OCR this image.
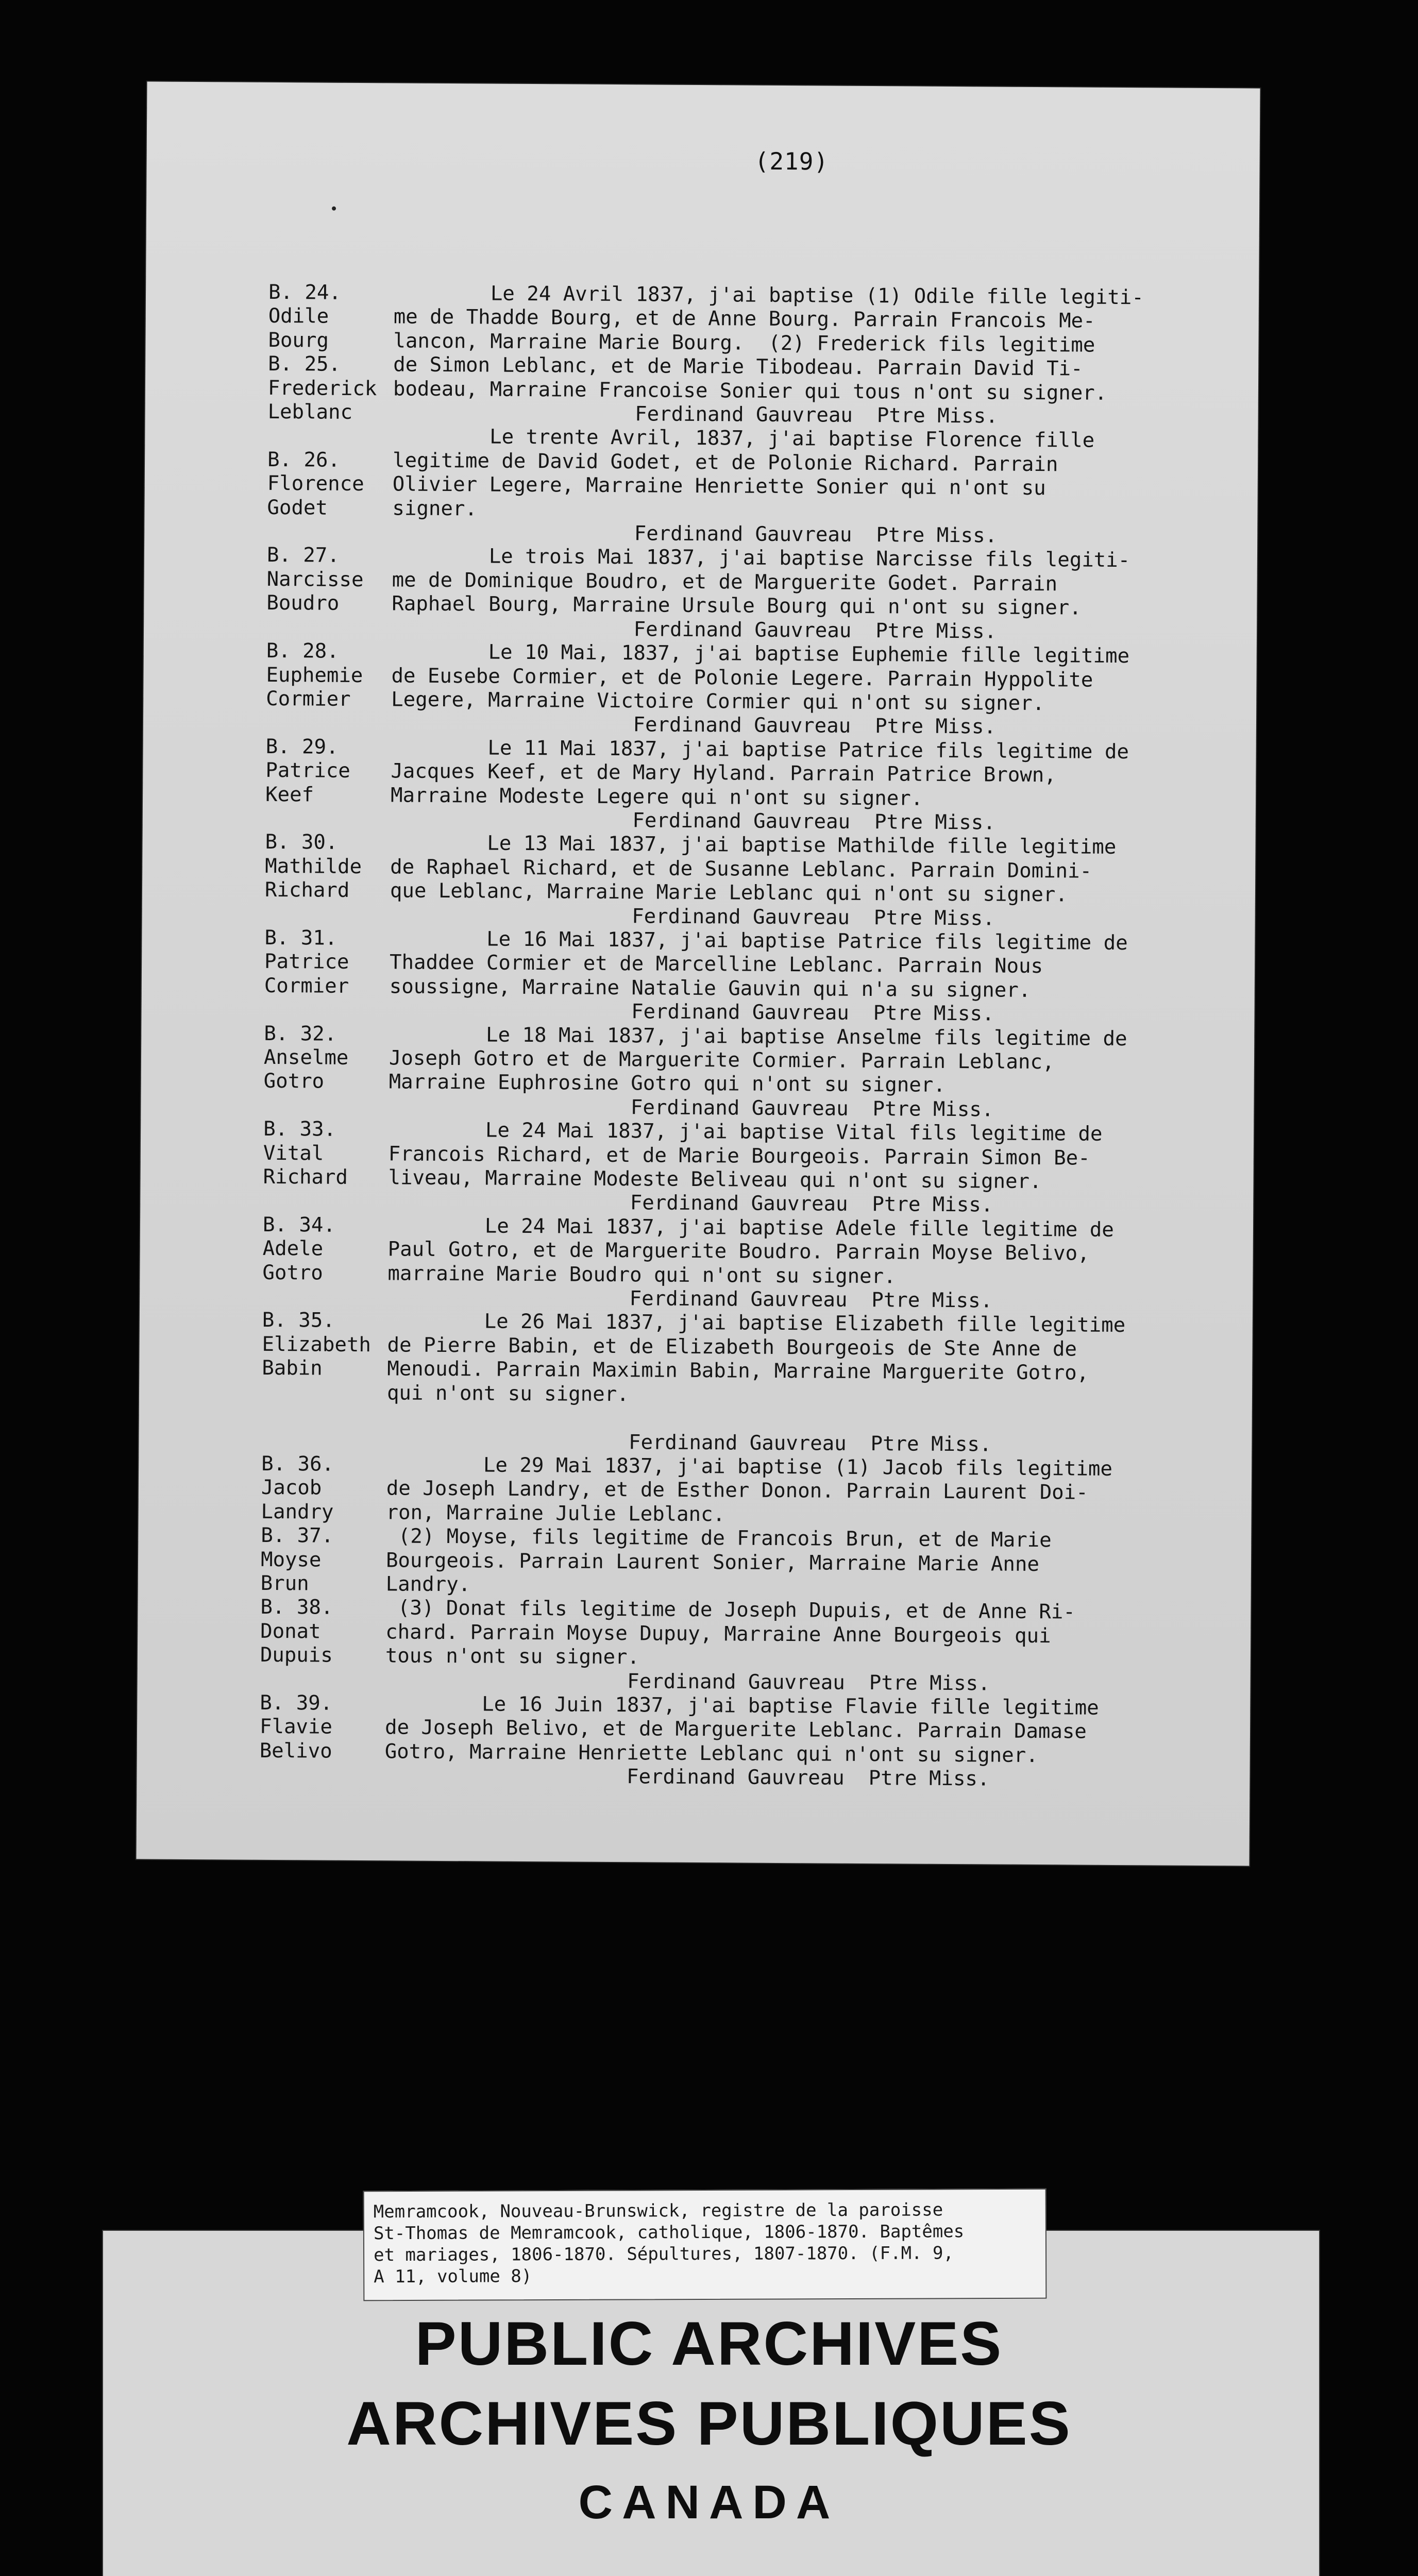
(219)
B. 24.
Odile
Bourg
B. 25.
Frederick
Leblanc
Le 24 Avril 1837, j'ai baptise (1) Odile fille legiti-
me de Thadde Bourg, et de Anne Bourg. Parrain Francois Me-
lancon, Marraine Marie Bourg.  (2) Frederick fils legitime
de Simon Leblanc, et de Marie Tibodeau. Parrain David Ti-
bodeau, Marraine Francoise Sonier qui tous n'ont su signer.
Ferdinand Gauvreau  Ptre Miss.

B. 26.
Florence
Godet
Le trente Avril, 1837, j'ai baptise Florence fille
legitime de David Godet, et de Polonie Richard. Parrain
Olivier Legere, Marraine Henriette Sonier qui n'ont su
signer.
Ferdinand Gauvreau  Ptre Miss.
B. 27.
Narcisse
Boudro
Le trois Mai 1837, j'ai baptise Narcisse fils legiti-
me de Dominique Boudro, et de Marguerite Godet. Parrain
Raphael Bourg, Marraine Ursule Bourg qui n'ont su signer.
Ferdinand Gauvreau  Ptre Miss.
B. 28.
Euphemie
Cormier
Le 10 Mai, 1837, j'ai baptise Euphemie fille legitime
de Eusebe Cormier, et de Polonie Legere. Parrain Hyppolite
Legere, Marraine Victoire Cormier qui n'ont su signer.
Ferdinand Gauvreau  Ptre Miss.
B. 29.
Patrice
Keef
Le 11 Mai 1837, j'ai baptise Patrice fils legitime de
Jacques Keef, et de Mary Hyland. Parrain Patrice Brown,
Marraine Modeste Legere qui n'ont su signer.
Ferdinand Gauvreau  Ptre Miss.
B. 30.
Mathilde
Richard
Le 13 Mai 1837, j'ai baptise Mathilde fille legitime
de Raphael Richard, et de Susanne Leblanc. Parrain Domini-
que Leblanc, Marraine Marie Leblanc qui n'ont su signer.
Ferdinand Gauvreau  Ptre Miss.
B. 31.
Patrice
Cormier
Le 16 Mai 1837, j'ai baptise Patrice fils legitime de
Thaddee Cormier et de Marcelline Leblanc. Parrain Nous
soussigne, Marraine Natalie Gauvin qui n'a su signer.
Ferdinand Gauvreau  Ptre Miss.
B. 32.
Anselme
Gotro
Le 18 Mai 1837, j'ai baptise Anselme fils legitime de
Joseph Gotro et de Marguerite Cormier. Parrain Leblanc,
Marraine Euphrosine Gotro qui n'ont su signer.
Ferdinand Gauvreau  Ptre Miss.
B. 33.
Vital
Richard
Le 24 Mai 1837, j'ai baptise Vital fils legitime de
Francois Richard, et de Marie Bourgeois. Parrain Simon Be-
liveau, Marraine Modeste Beliveau qui n'ont su signer.
Ferdinand Gauvreau  Ptre Miss.
B. 34.
Adele
Gotro
Le 24 Mai 1837, j'ai baptise Adele fille legitime de
Paul Gotro, et de Marguerite Boudro. Parrain Moyse Belivo,
marraine Marie Boudro qui n'ont su signer.
Ferdinand Gauvreau  Ptre Miss.
B. 35.
Elizabeth
Babin
Le 26 Mai 1837, j'ai baptise Elizabeth fille legitime
de Pierre Babin, et de Elizabeth Bourgeois de Ste Anne de
Menoudi. Parrain Maximin Babin, Marraine Marguerite Gotro,
qui n'ont su signer.

Ferdinand Gauvreau  Ptre Miss.
B. 36.
Jacob
Landry
B. 37.
Moyse
Brun
B. 38.
Donat
Dupuis
Le 29 Mai 1837, j'ai baptise (1) Jacob fils legitime
de Joseph Landry, et de Esther Donon. Parrain Laurent Doi-
ron, Marraine Julie Leblanc.
(2) Moyse, fils legitime de Francois Brun, et de Marie
Bourgeois. Parrain Laurent Sonier, Marraine Marie Anne
Landry.
(3) Donat fils legitime de Joseph Dupuis, et de Anne Ri-
chard. Parrain Moyse Dupuy, Marraine Anne Bourgeois qui
tous n'ont su signer.
Ferdinand Gauvreau  Ptre Miss.
B. 39.
Flavie
Belivo
Le 16 Juin 1837, j'ai baptise Flavie fille legitime
de Joseph Belivo, et de Marguerite Leblanc. Parrain Damase
Gotro, Marraine Henriette Leblanc qui n'ont su signer.
Ferdinand Gauvreau  Ptre Miss.
Memramcook, Nouveau-Brunswick, registre de la paroisse
St-Thomas de Memramcook, catholique, 1806-1870. Baptêmes
et mariages, 1806-1870. Sépultures, 1807-1870. (F.M. 9,
A 11, volume 8)
PUBLIC ARCHIVES
ARCHIVES PUBLIQUES
CANADA
